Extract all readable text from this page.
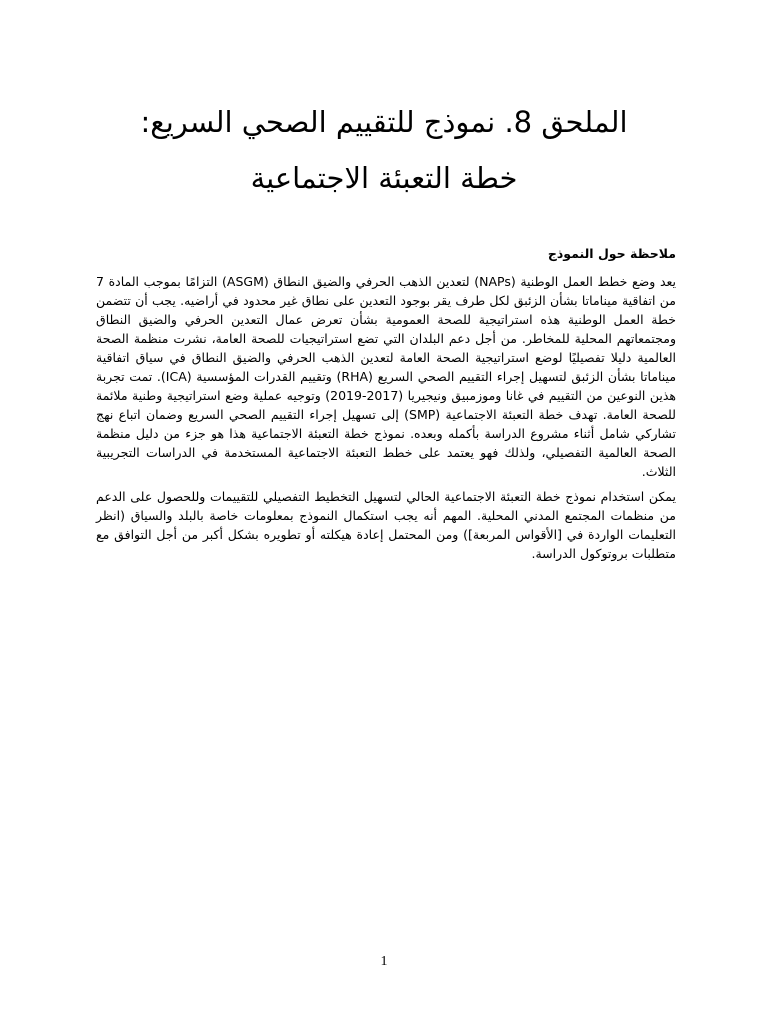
الملحق 8. نموذج للتقييم الصحي السريع:
خطة التعبئة الاجتماعية

ملاحظة حول النموذج

يعد وضع خطط العمل الوطنية (NAPs) لتعدين الذهب الحرفي والضيق النطاق (ASGM) التزامًا بموجب المادة 7 من اتفاقية ميناماتا بشأن الزئبق لكل طرف يقر بوجود التعدين على نطاق غير محدود في أراضيه. يجب أن تتضمن خطة العمل الوطنية هذه استراتيجية للصحة العمومية بشأن تعرض عمال التعدين الحرفي والضيق النطاق ومجتمعاتهم المحلية للمخاطر. من أجل دعم البلدان التي تضع استراتيجيات للصحة العامة، نشرت منظمة الصحة العالمية دليلا تفصيليًا لوضع استراتيجية الصحة العامة لتعدين الذهب الحرفي والضيق النطاق في سياق اتفاقية ميناماتا بشأن الزئبق لتسهيل إجراء التقييم الصحي السريع (RHA) وتقييم القدرات المؤسسية (ICA). تمت تجربة هذين النوعين من التقييم في غانا وموزمبيق ونيجيريا (2017-2019) وتوجيه عملية وضع استراتيجية وطنية ملائمة للصحة العامة. تهدف خطة التعبئة الاجتماعية (SMP) إلى تسهيل إجراء التقييم الصحي السريع وضمان اتباع نهج تشاركي شامل أثناء مشروع الدراسة بأكمله وبعده. نموذج خطة التعبئة الاجتماعية هذا هو جزء من دليل منظمة الصحة العالمية التفصيلي، ولذلك فهو يعتمد على خطط التعبئة الاجتماعية المستخدمة في الدراسات التجريبية الثلاث.

يمكن استخدام نموذج خطة التعبئة الاجتماعية الحالي لتسهيل التخطيط التفصيلي للتقييمات وللحصول على الدعم من منظمات المجتمع المدني المحلية. المهم أنه يجب استكمال النموذج بمعلومات خاصة بالبلد والسياق (انظر التعليمات الواردة في [الأقواس المربعة]) ومن المحتمل إعادة هيكلته أو تطويره بشكل أكبر من أجل التوافق مع متطلبات بروتوكول الدراسة.

1
